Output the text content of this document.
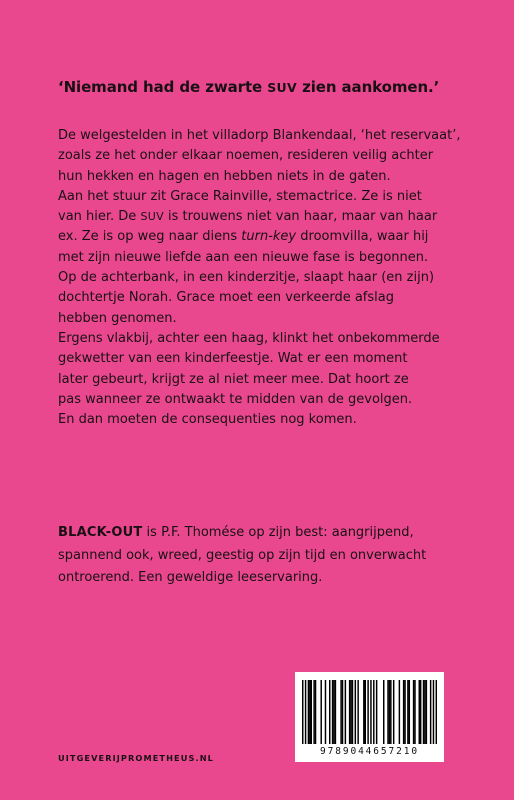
‘Niemand had de zwarte SUV zien aankomen.’
De welgestelden in het villadorp Blankendaal, ‘het reservaat’,
zoals ze het onder elkaar noemen, resideren veilig achter
hun hekken en hagen en hebben niets in de gaten.
Aan het stuur zit Grace Rainville, stemactrice. Ze is niet
van hier. De SUV is trouwens niet van haar, maar van haar
ex. Ze is op weg naar diens turn-key droomvilla, waar hij
met zijn nieuwe liefde aan een nieuwe fase is begonnen.
Op de achterbank, in een kinderzitje, slaapt haar (en zijn)
dochtertje Norah. Grace moet een verkeerde afslag
hebben genomen.
Ergens vlakbij, achter een haag, klinkt het onbekommerde
gekwetter van een kinderfeestje. Wat er een moment
later gebeurt, krijgt ze al niet meer mee. Dat hoort ze
pas wanneer ze ontwaakt te midden van de gevolgen.
En dan moeten de consequenties nog komen.
BLACK-OUT is P.F. Thomése op zijn best: aangrijpend,
spannend ook, wreed, geestig op zijn tijd en onverwacht
ontroerend. Een geweldige leeservaring.
UITGEVERIJPROMETHEUS.NL
9789044657210
